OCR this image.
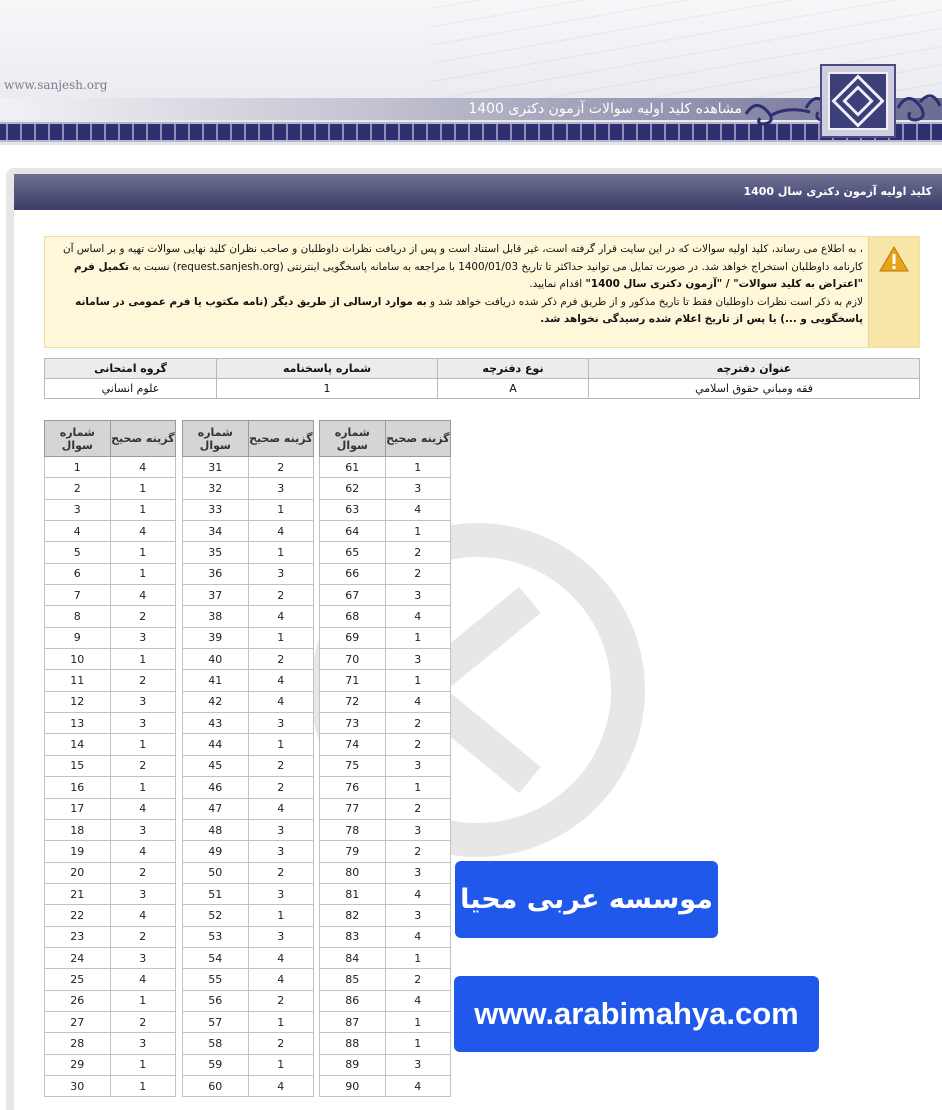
www.sanjesh.org
مشاهده کلید اولیه سوالات آزمون دکتری 1400
کلید اولیه آزمون دکتری سال 1400
، به اطلاع می رساند، کلید اولیه سوالات که در این سایت قرار گرفته است، غیر قابل استناد است و پس از دریافت نظرات داوطلبان و صاحب نظران کلید نهایی سوالات تهیه و بر اساس آن کارنامه داوطلبان استخراج خواهد شد. در صورت تمایل می توانید حداکثر تا تاریخ 1400/01/03 با مراجعه به سامانه پاسخگویی اینترنتی (request.sanjesh.org) نسبت به تکمیل فرم "اعتراض به کلید سوالات" / "آزمون دکتری سال 1400" اقدام نمایید.
لازم به ذکر است نظرات داوطلبان فقط تا تاریخ مذکور و از طریق فرم ذکر شده دریافت خواهد شد و به موارد ارسالی از طریق دیگر (نامه مکتوب یا فرم عمومی در سامانه پاسخگویی و ...) یا پس از تاریخ اعلام شده رسیدگی نخواهد شد.
عنوان دفترچه	نوع دفترچه	شماره پاسخنامه	گروه امتحانی
فقه ومباني حقوق اسلامي	A	1	علوم انساني
شماره سوال	گزینه صحیح
1	4
2	1
3	1
4	4
5	1
6	1
7	4
8	2
9	3
10	1
11	2
12	3
13	3
14	1
15	2
16	1
17	4
18	3
19	4
20	2
21	3
22	4
23	2
24	3
25	4
26	1
27	2
28	3
29	1
30	1
شماره سوال	گزینه صحیح
31	2
32	3
33	1
34	4
35	1
36	3
37	2
38	4
39	1
40	2
41	4
42	4
43	3
44	1
45	2
46	2
47	4
48	3
49	3
50	2
51	3
52	1
53	3
54	4
55	4
56	2
57	1
58	2
59	1
60	4
شماره سوال	گزینه صحیح
61	1
62	3
63	4
64	1
65	2
66	2
67	3
68	4
69	1
70	3
71	1
72	4
73	2
74	2
75	3
76	1
77	2
78	3
79	2
80	3
81	4
82	3
83	4
84	1
85	2
86	4
87	1
88	1
89	3
90	4
موسسه عربی محیا
www.arabimahya.com
